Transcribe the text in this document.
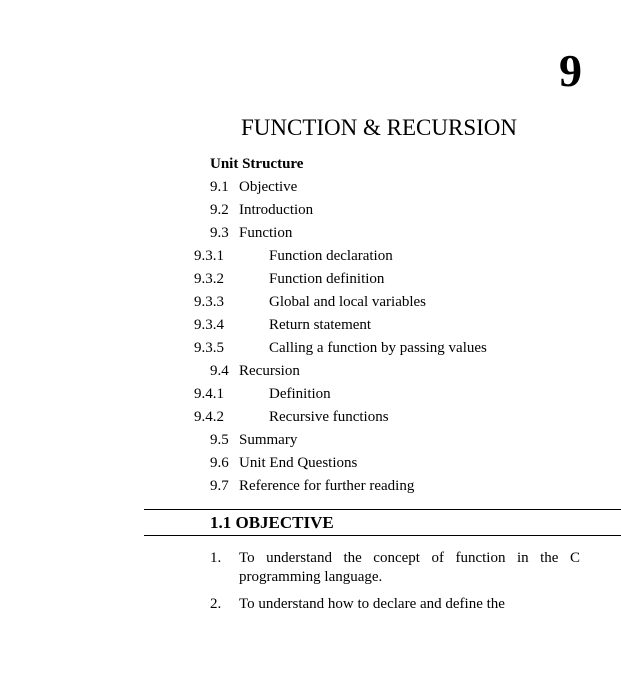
9
FUNCTION & RECURSION
Unit Structure
9.1 Objective
9.2 Introduction
9.3 Function
9.3.1	Function declaration
9.3.2	Function definition
9.3.3	Global and local variables
9.3.4	Return statement
9.3.5	Calling a function by passing values
9.4 Recursion
9.4.1	Definition
9.4.2	Recursive functions
9.5 Summary
9.6 Unit End Questions
9.7 Reference for further reading
1.1 OBJECTIVE
1. To understand the concept of function in the C programming language.
2. To understand how to declare and define the
